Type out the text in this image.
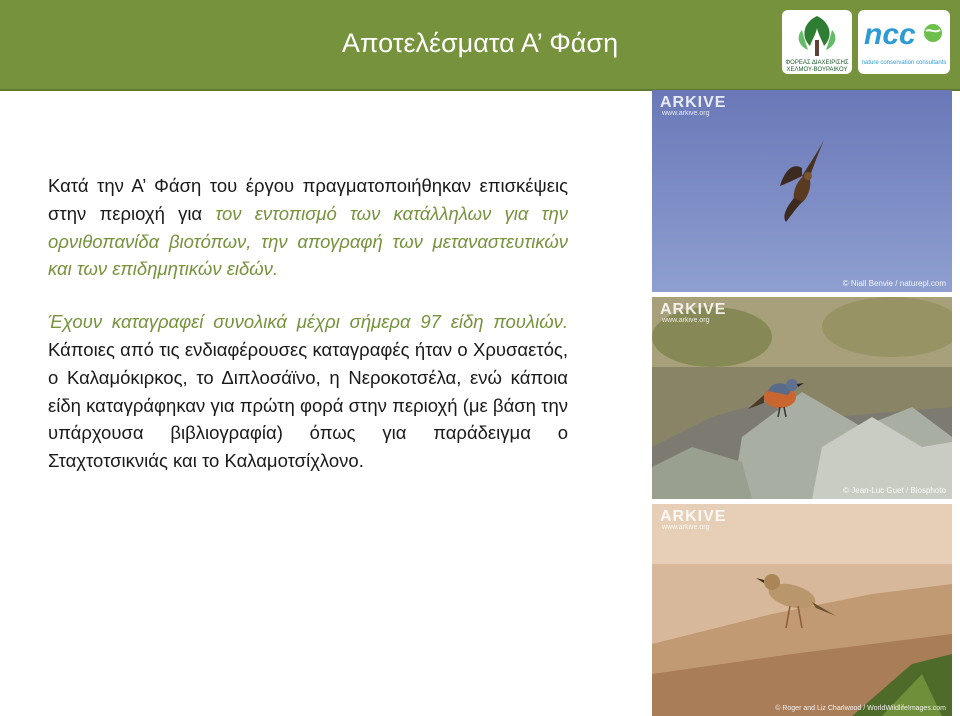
Αποτελέσματα Α’ Φάση
ΦΟΡΕΑΣ ΔΙΑΧΕΙΡΙΣΗΣ ΧΕΛΜΟΥ-ΒΟΥΡΑΙΚΟΥ
ncc
nature conservation consultants

Κατά την Α’ Φάση του έργου πραγματοποιήθηκαν επισκέψεις στην περιοχή για τον εντοπισμό των κατάλληλων για την ορνιθοπανίδα βιοτόπων, την απογραφή των μεταναστευτικών και των επιδημητικών ειδών.

Έχουν καταγραφεί συνολικά μέχρι σήμερα 97 είδη πουλιών. Κάποιες από τις ενδιαφέρουσες καταγραφές ήταν ο Χρυσαετός, ο Καλαμόκιρκος, το Διπλοσάϊνο, η Νεροκοτσέλα, ενώ κάποια είδη καταγράφηκαν για πρώτη φορά στην περιοχή (με βάση την υπάρχουσα βιβλιογραφία) όπως για παράδειγμα ο Σταχτοτσικνιάς και το Καλαμοτσίχλονο.

ARKIVE
www.arkive.org
© Niall Benvie / naturepl.com
ARKIVE
www.arkive.org
© Jean-Luc Guet / Biosphoto
ARKIVE
www.arkive.org
© Roger and Liz Charlwood / WorldWildlifeImages.com
